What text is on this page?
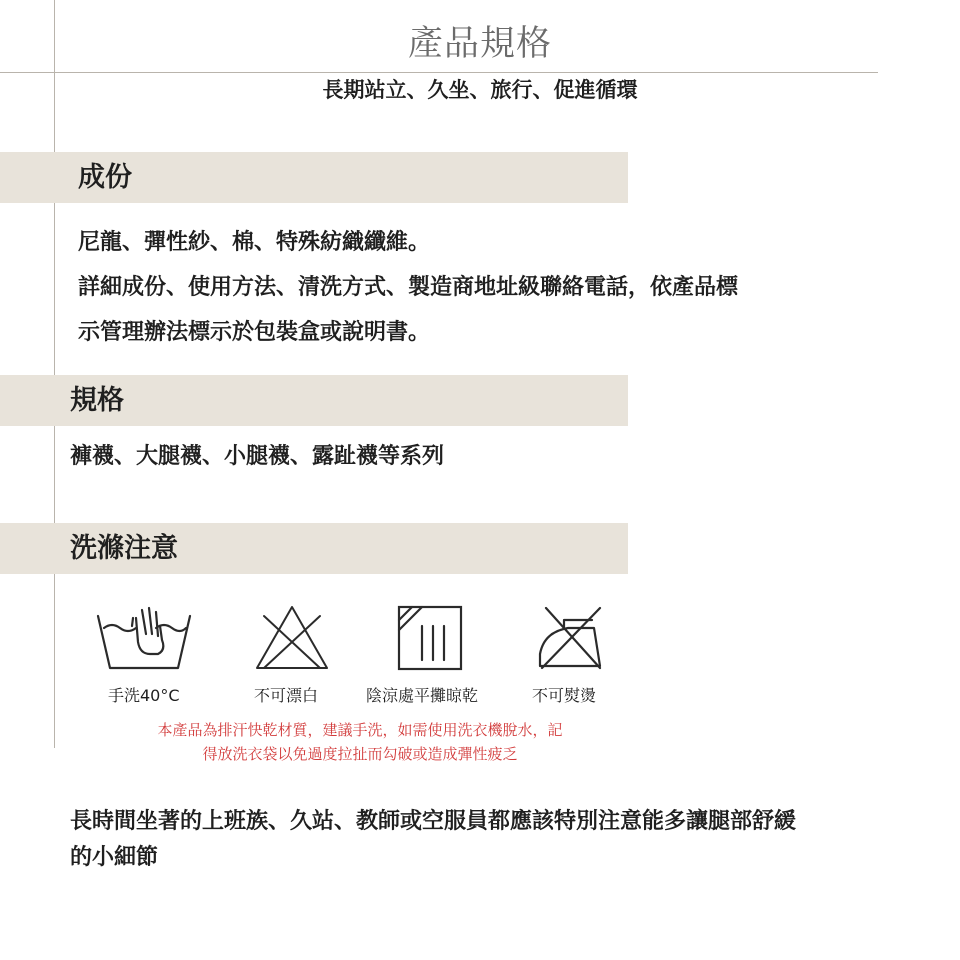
產品規格
長期站立、久坐、旅行、促進循環
成份
尼龍、彈性紗、棉、特殊紡織纖維。
詳細成份、使用方法、清洗方式、製造商地址級聯絡電話，依產品標
示管理辦法標示於包裝盒或說明書。
規格
褲襪、大腿襪、小腿襪、露趾襪等系列
洗滌注意
手洗40°C	不可漂白	陰涼處平攤晾乾	不可熨燙
本產品為排汗快乾材質，建議手洗，如需使用洗衣機脫水，記
得放洗衣袋以免過度拉扯而勾破或造成彈性疲乏
長時間坐著的上班族、久站、教師或空服員都應該特別注意能多讓腿部舒緩
的小細節
